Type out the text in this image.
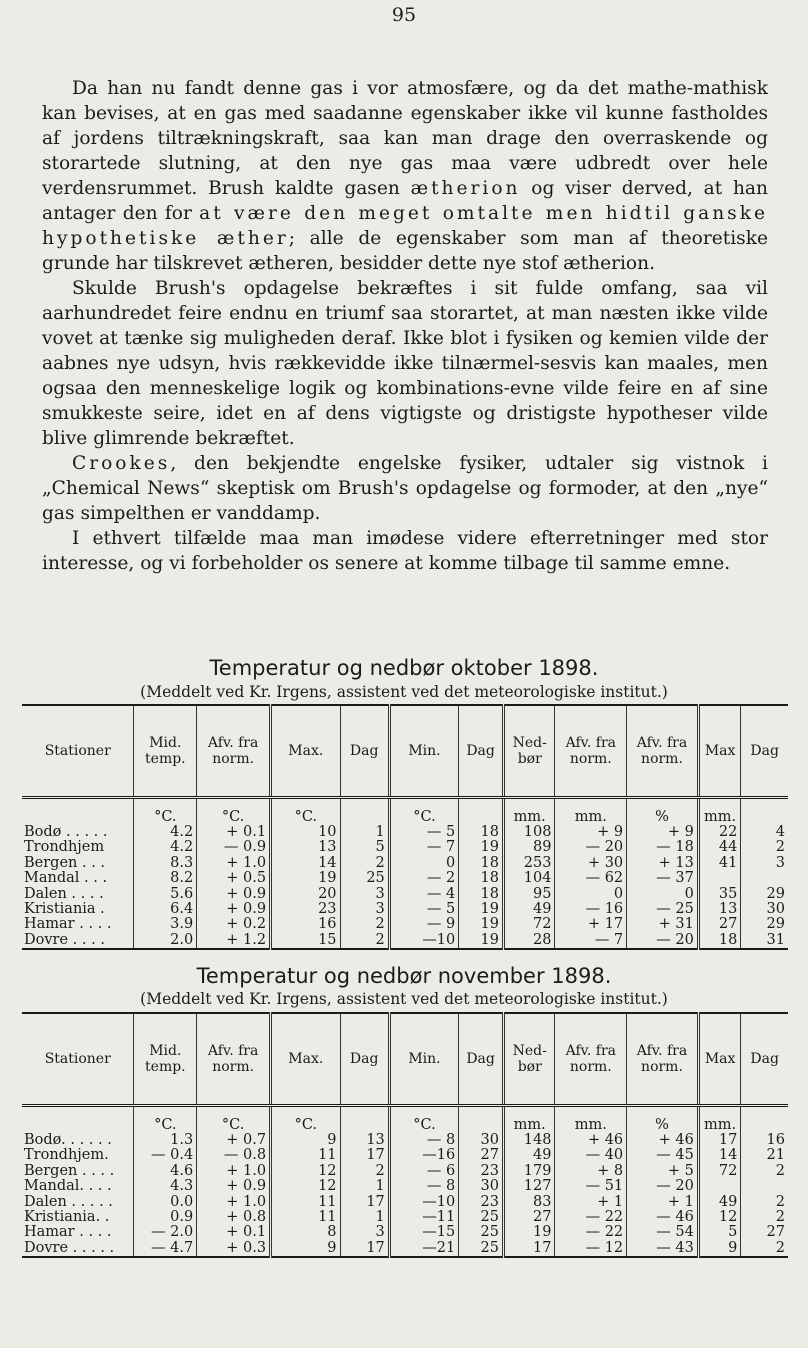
95

Da han nu fandt denne gas i vor atmosfære, og da det mathe-mathisk kan bevises, at en gas med saadanne egenskaber ikke vil kunne fastholdes af jordens tiltrækningskraft, saa kan man drage den overraskende og storartede slutning, at den nye gas maa være udbredt over hele verdensrummet. Brush kaldte gasen ætherion og viser derved, at han antager den for at være den meget omtalte men hidtil ganske hypothetiske æther; alle de egenskaber som man af theoretiske grunde har tilskrevet ætheren, besidder dette nye stof ætherion.

Skulde Brush's opdagelse bekræftes i sit fulde omfang, saa vil aarhundredet feire endnu en triumf saa storartet, at man næsten ikke vilde vovet at tænke sig muligheden deraf. Ikke blot i fysiken og kemien vilde der aabnes nye udsyn, hvis rækkevidde ikke tilnærmel-sesvis kan maales, men ogsaa den menneskelige logik og kombinations-evne vilde feire en af sine smukkeste seire, idet en af dens vigtigste og dristigste hypotheser vilde blive glimrende bekræftet.

Crookes, den bekjendte engelske fysiker, udtaler sig vistnok i „Chemical News“ skeptisk om Brush's opdagelse og formoder, at den „nye“ gas simpelthen er vanddamp.

I ethvert tilfælde maa man imødese videre efterretninger med stor interesse, og vi forbeholder os senere at komme tilbage til samme emne.

Temperatur og nedbør oktober 1898.
(Meddelt ved Kr. Irgens, assistent ved det meteorologiske institut.)
Stationer	Mid. temp.	Afv. fra norm.	Max.	Dag	Min.	Dag	Ned-bør	Afv. fra norm.	Afv. fra norm.	Max	Dag
	°C.	°C.	°C.		°C.		mm.	mm.	%	mm.	
Bodø . . . . .	4.2	+ 0.1	10	1	— 5	18	108	+ 9	+ 9	22	4
Trondhjem	4.2	— 0.9	13	5	— 7	19	89	— 20	— 18	44	2
Bergen . . .	8.3	+ 1.0	14	2	0	18	253	+ 30	+ 13	41	3
Mandal . . .	8.2	+ 0.5	19	25	— 2	18	104	— 62	— 37		
Dalen . . . .	5.6	+ 0.9	20	3	— 4	18	95	0	0	35	29
Kristiania .	6.4	+ 0.9	23	3	— 5	19	49	— 16	— 25	13	30
Hamar . . . .	3.9	+ 0.2	16	2	— 9	19	72	+ 17	+ 31	27	29
Dovre . . . .	2.0	+ 1.2	15	2	—10	19	28	— 7	— 20	18	31
Temperatur og nedbør november 1898.
(Meddelt ved Kr. Irgens, assistent ved det meteorologiske institut.)
Stationer	Mid. temp.	Afv. fra norm.	Max.	Dag	Min.	Dag	Ned-bør	Afv. fra norm.	Afv. fra norm.	Max	Dag
	°C.	°C.	°C.		°C.		mm.	mm.	%	mm.	
Bodø. . . . . .	1.3	+ 0.7	9	13	— 8	30	148	+ 46	+ 46	17	16
Trondhjem.	— 0.4	— 0.8	11	17	—16	27	49	— 40	— 45	14	21
Bergen . . . .	4.6	+ 1.0	12	2	— 6	23	179	+ 8	+ 5	72	2
Mandal. . . .	4.3	+ 0.9	12	1	— 8	30	127	— 51	— 20		
Dalen . . . . .	0.0	+ 1.0	11	17	—10	23	83	+ 1	+ 1	49	2
Kristiania. .	0.9	+ 0.8	11	1	—11	25	27	— 22	— 46	12	2
Hamar . . . .	— 2.0	+ 0.1	8	3	—15	25	19	— 22	— 54	5	27
Dovre . . . . .	— 4.7	+ 0.3	9	17	—21	25	17	— 12	— 43	9	2
